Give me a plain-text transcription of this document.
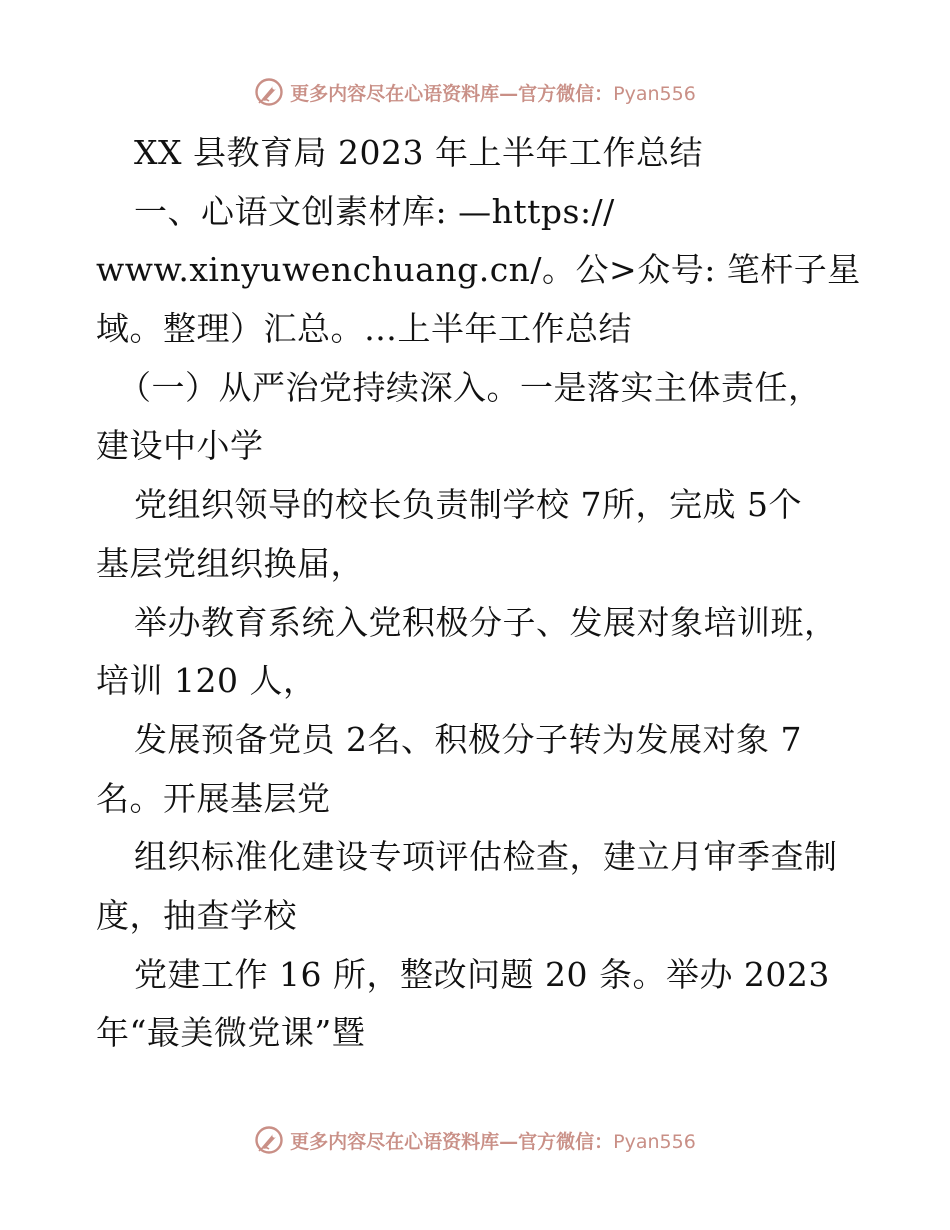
更多内容尽在心语资料库—官方微信：Pyan556
XX 县教育局 2023 年上半年工作总结
一、心语文创素材库: —https://
www.xinyuwenchuang.cn/。公>众号: 笔杆子星
域。整理）汇总。…上半年工作总结
（一）从严治党持续深入。一是落实主体责任，
建设中小学
党组织领导的校长负责制学校 7所，完成 5个
基层党组织换届，
举办教育系统入党积极分子、发展对象培训班，
培训 120 人，
发展预备党员 2名、积极分子转为发展对象 7
名。开展基层党
组织标准化建设专项评估检查，建立月审季查制
度，抽查学校
党建工作 16 所，整改问题 20 条。举办 2023
年“最美微党课”暨
更多内容尽在心语资料库—官方微信：Pyan556
